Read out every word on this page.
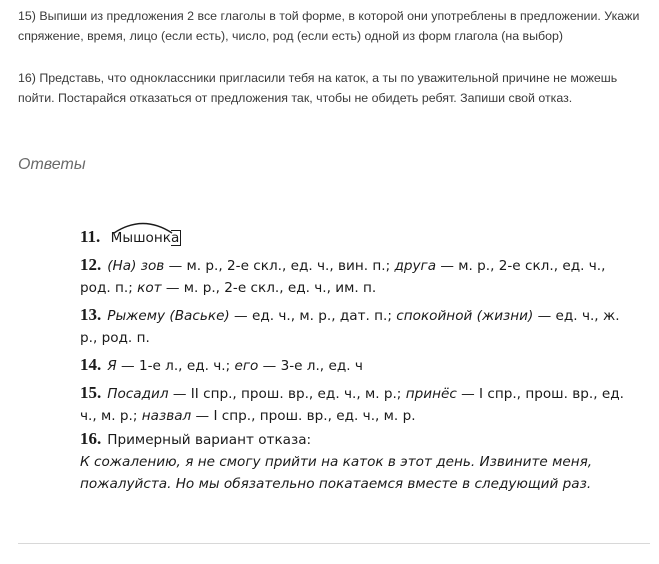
15) Выпиши из предложения 2 все глаголы в той форме, в которой они употреблены в предложении. Укажи спряжение, время, лицо (если есть), число, род (если есть) одной из форм глагола (на выбор)
16) Представь, что одноклассники пригласили тебя на каток, а ты по уважительной причине не можешь пойти. Постарайся отказаться от предложения так, чтобы не обидеть ребят. Запиши свой отказ.
Ответы
11. Мышонка
12. (На) зов — м. р., 2-е скл., ед. ч., вин. п.; друга — м. р., 2-е скл., ед. ч., род. п.; кот — м. р., 2-е скл., ед. ч., им. п.
13. Рыжему (Ваське) — ед. ч., м. р., дат. п.; спокойной (жизни) — ед. ч., ж. р., род. п.
14. Я — 1-е л., ед. ч.; его — 3-е л., ед. ч
15. Посадил — II спр., прош. вр., ед. ч., м. р.; принёс — I спр., прош. вр., ед. ч., м. р.; назвал — I спр., прош. вр., ед. ч., м. р.
16. Примерный вариант отказа:
К сожалению, я не смогу прийти на каток в этот день. Извините меня, пожалуйста. Но мы обязательно покатаемся вместе в следующий раз.
